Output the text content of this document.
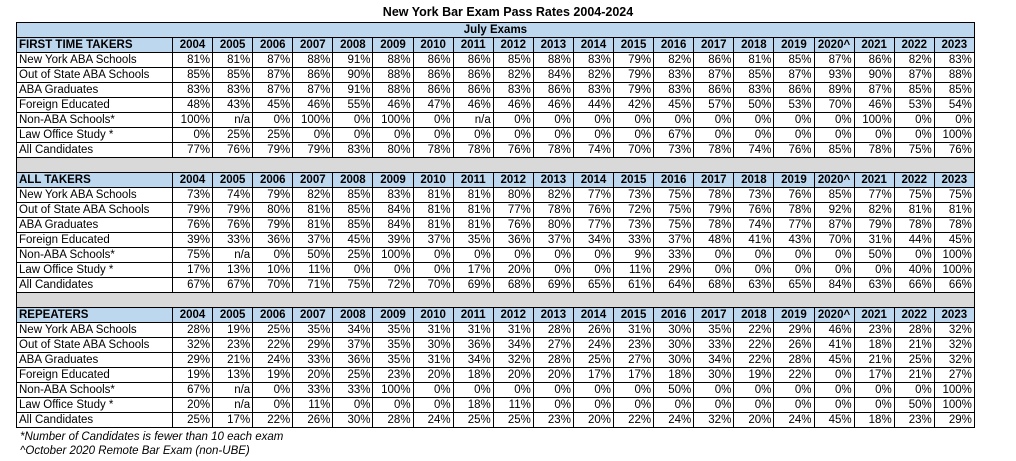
New York Bar Exam Pass Rates 2004-2024
July Exams																				
FIRST TIME TAKERS	2004	2005	2006	2007	2008	2009	2010	2011	2012	2013	2014	2015	2016	2017	2018	2019	2020^	2021	2022	2023
New York ABA Schools	81%	81%	87%	88%	91%	88%	86%	86%	85%	88%	83%	79%	82%	86%	81%	85%	87%	86%	82%	83%
Out of State ABA Schools	85%	85%	87%	86%	90%	88%	86%	86%	82%	84%	82%	79%	83%	87%	85%	87%	93%	90%	87%	88%
ABA Graduates	83%	83%	87%	87%	91%	88%	86%	86%	83%	86%	83%	79%	83%	86%	83%	86%	89%	87%	85%	85%
Foreign Educated	48%	43%	45%	46%	55%	46%	47%	46%	46%	46%	44%	42%	45%	57%	50%	53%	70%	46%	53%	54%
Non-ABA Schools*	100%	n/a	0%	100%	0%	100%	0%	n/a	0%	0%	0%	0%	0%	0%	0%	0%	0%	100%	0%	0%
Law Office Study *	0%	25%	25%	0%	0%	0%	0%	0%	0%	0%	0%	0%	67%	0%	0%	0%	0%	0%	0%	100%
All Candidates	77%	76%	79%	79%	83%	80%	78%	78%	76%	78%	74%	70%	73%	78%	74%	76%	85%	78%	75%	76%

ALL TAKERS	2004	2005	2006	2007	2008	2009	2010	2011	2012	2013	2014	2015	2016	2017	2018	2019	2020^	2021	2022	2023
New York ABA Schools	73%	74%	79%	82%	85%	83%	81%	81%	80%	82%	77%	73%	75%	78%	73%	76%	85%	77%	75%	75%
Out of State ABA Schools	79%	79%	80%	81%	85%	84%	81%	81%	77%	78%	76%	72%	75%	79%	76%	78%	92%	82%	81%	81%
ABA Graduates	76%	76%	79%	81%	85%	84%	81%	81%	76%	80%	77%	73%	75%	78%	74%	77%	87%	79%	78%	78%
Foreign Educated	39%	33%	36%	37%	45%	39%	37%	35%	36%	37%	34%	33%	37%	48%	41%	43%	70%	31%	44%	45%
Non-ABA Schools*	75%	n/a	0%	50%	25%	100%	0%	0%	0%	0%	0%	9%	33%	0%	0%	0%	0%	50%	0%	100%
Law Office Study *	17%	13%	10%	11%	0%	0%	0%	17%	20%	0%	0%	11%	29%	0%	0%	0%	0%	0%	40%	100%
All Candidates	67%	67%	70%	71%	75%	72%	70%	69%	68%	69%	65%	61%	64%	68%	63%	65%	84%	63%	66%	66%

REPEATERS	2004	2005	2006	2007	2008	2009	2010	2011	2012	2013	2014	2015	2016	2017	2018	2019	2020^	2021	2022	2023
New York ABA Schools	28%	19%	25%	35%	34%	35%	31%	31%	31%	28%	26%	31%	30%	35%	22%	29%	46%	23%	28%	32%
Out of State ABA Schools	32%	23%	22%	29%	37%	35%	30%	36%	34%	27%	24%	23%	30%	33%	22%	26%	41%	18%	21%	32%
ABA Graduates	29%	21%	24%	33%	36%	35%	31%	34%	32%	28%	25%	27%	30%	34%	22%	28%	45%	21%	25%	32%
Foreign Educated	19%	13%	19%	20%	25%	23%	20%	18%	20%	20%	17%	17%	18%	30%	19%	22%	0%	17%	21%	27%
Non-ABA Schools*	67%	n/a	0%	33%	33%	100%	0%	0%	0%	0%	0%	0%	50%	0%	0%	0%	0%	0%	0%	100%
Law Office Study *	20%	n/a	0%	11%	0%	0%	0%	18%	11%	0%	0%	0%	0%	0%	0%	0%	0%	0%	50%	100%
All Candidates	25%	17%	22%	26%	30%	28%	24%	25%	25%	23%	20%	22%	24%	32%	20%	24%	45%	18%	23%	29%
*Number of Candidates is fewer than 10 each exam
^October 2020 Remote Bar Exam (non-UBE)
